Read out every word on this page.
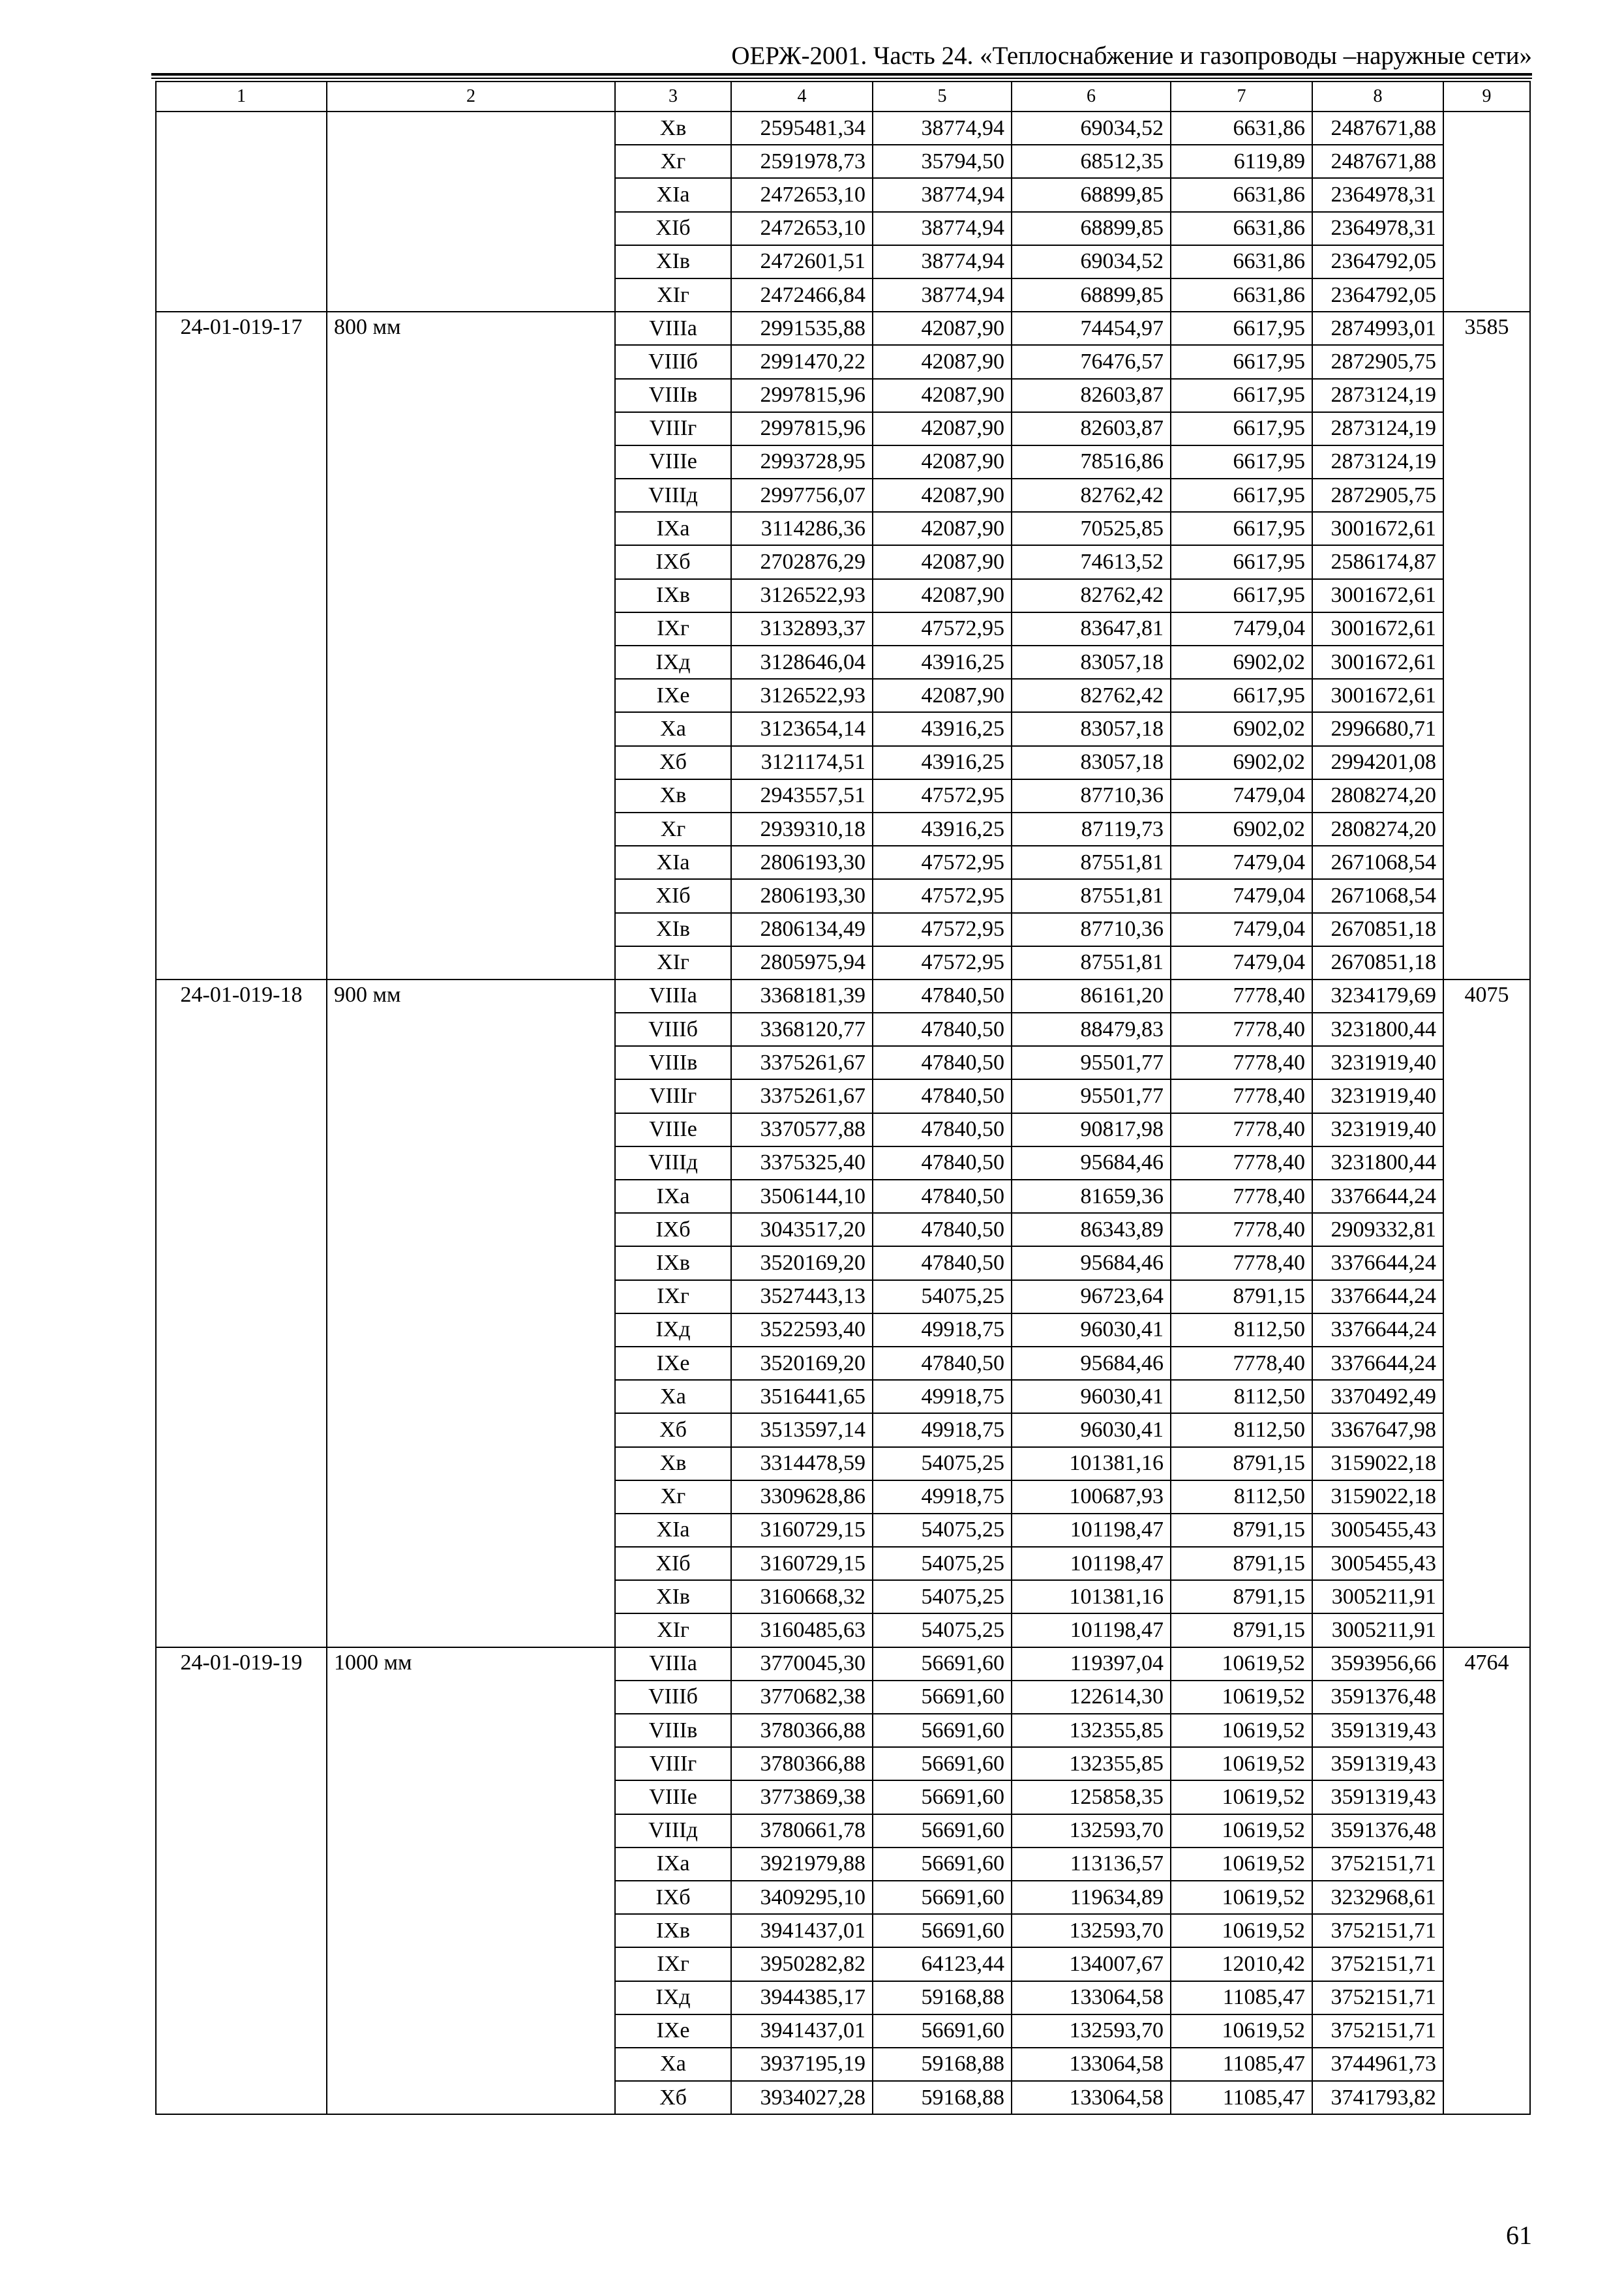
ОЕРЖ-2001. Часть 24. «Теплоснабжение и газопроводы –наружные сети»
1	2	3	4	5	6	7	8	9
		Хв	2595481,34	38774,94	69034,52	6631,86	2487671,88	
		Хг	2591978,73	35794,50	68512,35	6119,89	2487671,88	
		ХIа	2472653,10	38774,94	68899,85	6631,86	2364978,31	
		ХIб	2472653,10	38774,94	68899,85	6631,86	2364978,31	
		ХIв	2472601,51	38774,94	69034,52	6631,86	2364792,05	
		ХIг	2472466,84	38774,94	68899,85	6631,86	2364792,05	
24-01-019-17	800 мм	VIIIа	2991535,88	42087,90	74454,97	6617,95	2874993,01	3585
		VIIIб	2991470,22	42087,90	76476,57	6617,95	2872905,75	
		VIIIв	2997815,96	42087,90	82603,87	6617,95	2873124,19	
		VIIIг	2997815,96	42087,90	82603,87	6617,95	2873124,19	
		VIIIе	2993728,95	42087,90	78516,86	6617,95	2873124,19	
		VIIIд	2997756,07	42087,90	82762,42	6617,95	2872905,75	
		IХа	3114286,36	42087,90	70525,85	6617,95	3001672,61	
		IХб	2702876,29	42087,90	74613,52	6617,95	2586174,87	
		IХв	3126522,93	42087,90	82762,42	6617,95	3001672,61	
		IХг	3132893,37	47572,95	83647,81	7479,04	3001672,61	
		IХд	3128646,04	43916,25	83057,18	6902,02	3001672,61	
		IХе	3126522,93	42087,90	82762,42	6617,95	3001672,61	
		Ха	3123654,14	43916,25	83057,18	6902,02	2996680,71	
		Хб	3121174,51	43916,25	83057,18	6902,02	2994201,08	
		Хв	2943557,51	47572,95	87710,36	7479,04	2808274,20	
		Хг	2939310,18	43916,25	87119,73	6902,02	2808274,20	
		ХIа	2806193,30	47572,95	87551,81	7479,04	2671068,54	
		ХIб	2806193,30	47572,95	87551,81	7479,04	2671068,54	
		ХIв	2806134,49	47572,95	87710,36	7479,04	2670851,18	
		ХIг	2805975,94	47572,95	87551,81	7479,04	2670851,18	
24-01-019-18	900 мм	VIIIа	3368181,39	47840,50	86161,20	7778,40	3234179,69	4075
		VIIIб	3368120,77	47840,50	88479,83	7778,40	3231800,44	
		VIIIв	3375261,67	47840,50	95501,77	7778,40	3231919,40	
		VIIIг	3375261,67	47840,50	95501,77	7778,40	3231919,40	
		VIIIе	3370577,88	47840,50	90817,98	7778,40	3231919,40	
		VIIIд	3375325,40	47840,50	95684,46	7778,40	3231800,44	
		IХа	3506144,10	47840,50	81659,36	7778,40	3376644,24	
		IХб	3043517,20	47840,50	86343,89	7778,40	2909332,81	
		IХв	3520169,20	47840,50	95684,46	7778,40	3376644,24	
		IХг	3527443,13	54075,25	96723,64	8791,15	3376644,24	
		IХд	3522593,40	49918,75	96030,41	8112,50	3376644,24	
		IХе	3520169,20	47840,50	95684,46	7778,40	3376644,24	
		Ха	3516441,65	49918,75	96030,41	8112,50	3370492,49	
		Хб	3513597,14	49918,75	96030,41	8112,50	3367647,98	
		Хв	3314478,59	54075,25	101381,16	8791,15	3159022,18	
		Хг	3309628,86	49918,75	100687,93	8112,50	3159022,18	
		ХIа	3160729,15	54075,25	101198,47	8791,15	3005455,43	
		ХIб	3160729,15	54075,25	101198,47	8791,15	3005455,43	
		ХIв	3160668,32	54075,25	101381,16	8791,15	3005211,91	
		ХIг	3160485,63	54075,25	101198,47	8791,15	3005211,91	
24-01-019-19	1000 мм	VIIIа	3770045,30	56691,60	119397,04	10619,52	3593956,66	4764
		VIIIб	3770682,38	56691,60	122614,30	10619,52	3591376,48	
		VIIIв	3780366,88	56691,60	132355,85	10619,52	3591319,43	
		VIIIг	3780366,88	56691,60	132355,85	10619,52	3591319,43	
		VIIIе	3773869,38	56691,60	125858,35	10619,52	3591319,43	
		VIIIд	3780661,78	56691,60	132593,70	10619,52	3591376,48	
		IХа	3921979,88	56691,60	113136,57	10619,52	3752151,71	
		IХб	3409295,10	56691,60	119634,89	10619,52	3232968,61	
		IХв	3941437,01	56691,60	132593,70	10619,52	3752151,71	
		IХг	3950282,82	64123,44	134007,67	12010,42	3752151,71	
		IХд	3944385,17	59168,88	133064,58	11085,47	3752151,71	
		IХе	3941437,01	56691,60	132593,70	10619,52	3752151,71	
		Ха	3937195,19	59168,88	133064,58	11085,47	3744961,73	
		Хб	3934027,28	59168,88	133064,58	11085,47	3741793,82	
61
